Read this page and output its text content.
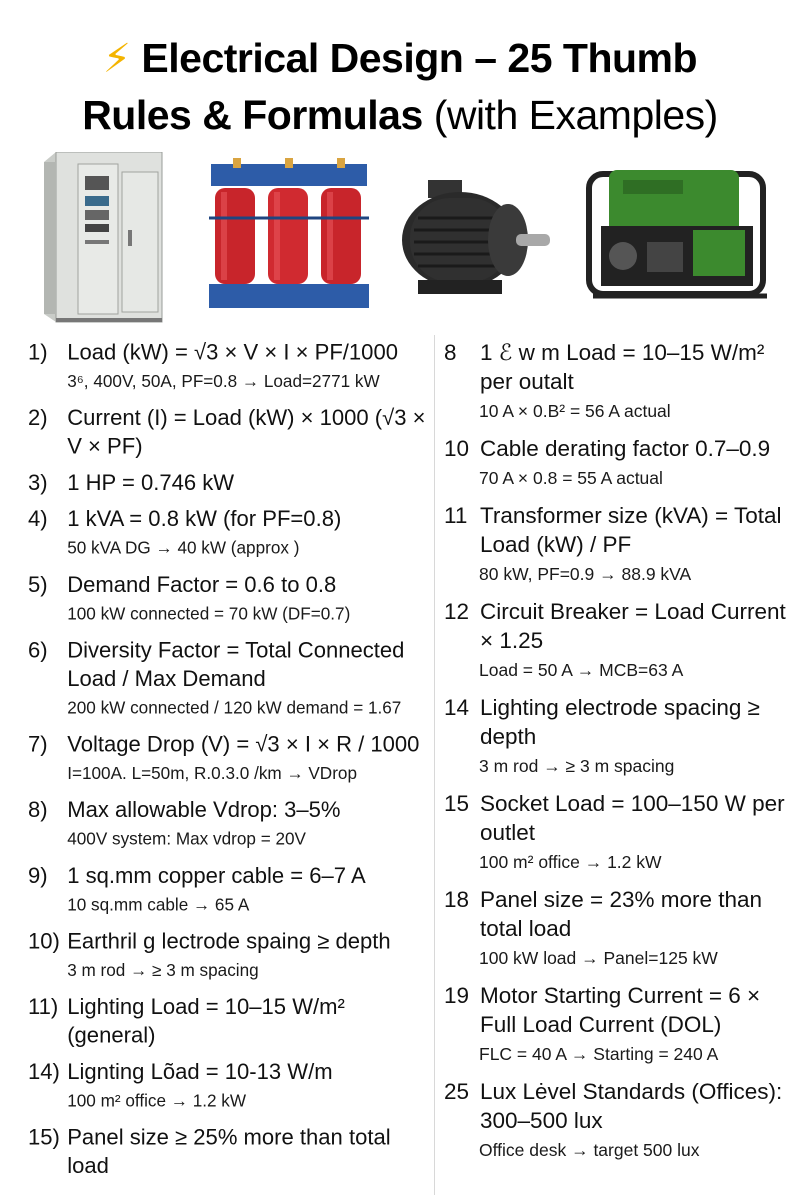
⚡ Electrical Design – 25 Thumb
Rules & Formulas (with Examples)
1) Load (kW) = √3 × V × I × PF/1000
3⁶, 400V, 50A, PF=0.8 → Load=2771 kW
2) Current (I) = Load (kW) × 1000 (√3 × V × PF)
3) 1 HP = 0.746 kW
4) 1 kVA = 0.8 kW (for PF=0.8)
50 kVA DG → 40 kW (approx )
5) Demand Factor = 0.6 to 0.8
100 kW connected = 70 kW (DF=0.7)
6) Diversity Factor = Total Connected Load / Max Demand
200 kW connected / 120 kW demand = 1.67
7) Voltage Drop (V) = √3 × I × R / 1000
I=100A. L=50m, R.0.3.0 /km → VDrop
8) Max allowable Vdrop: 3–5%
400V system: Max vdrop = 20V
9) 1 sq.mm copper cable = 6–7 A
10 sq.mm cable → 65 A
10) Earthril g lectrode spaing ≥ depth
3 m rod → ≥ 3 m spacing
11) Lighting Load = 10–15 W/m² (general)
14) Lignting Lõad = 10-13 W/m
100 m² office → 1.2 kW
15) Panel size ≥ 25% more than total load
8	1 ℰ w m Load = 10–15 W/m² per outalt
10 A × 0.B² = 56 A actual
10 Cable derating factor 0.7–0.9
70 A × 0.8 = 55 A actual
11 Transformer size (kVA) = Total Load (kW) / PF
80 kW, PF=0.9 → 88.9 kVA
12 Circuit Breaker = Load Current × 1.25
Load = 50 A → MCB=63 A
14 Lighting electrode spacing ≥ depth
3 m rod → ≥ 3 m spacing
15 Socket Load = 100–150 W per outlet
100 m² office → 1.2 kW
18 Panel size = 23% more than total load
100 kW load → Panel=125 kW
19 Motor Starting Current = 6 × Full Load Current (DOL)
FLC = 40 A → Starting = 240 A
25 Lux Lėvel Standards (Offices): 300–500 lux
Office desk → target 500 lux
